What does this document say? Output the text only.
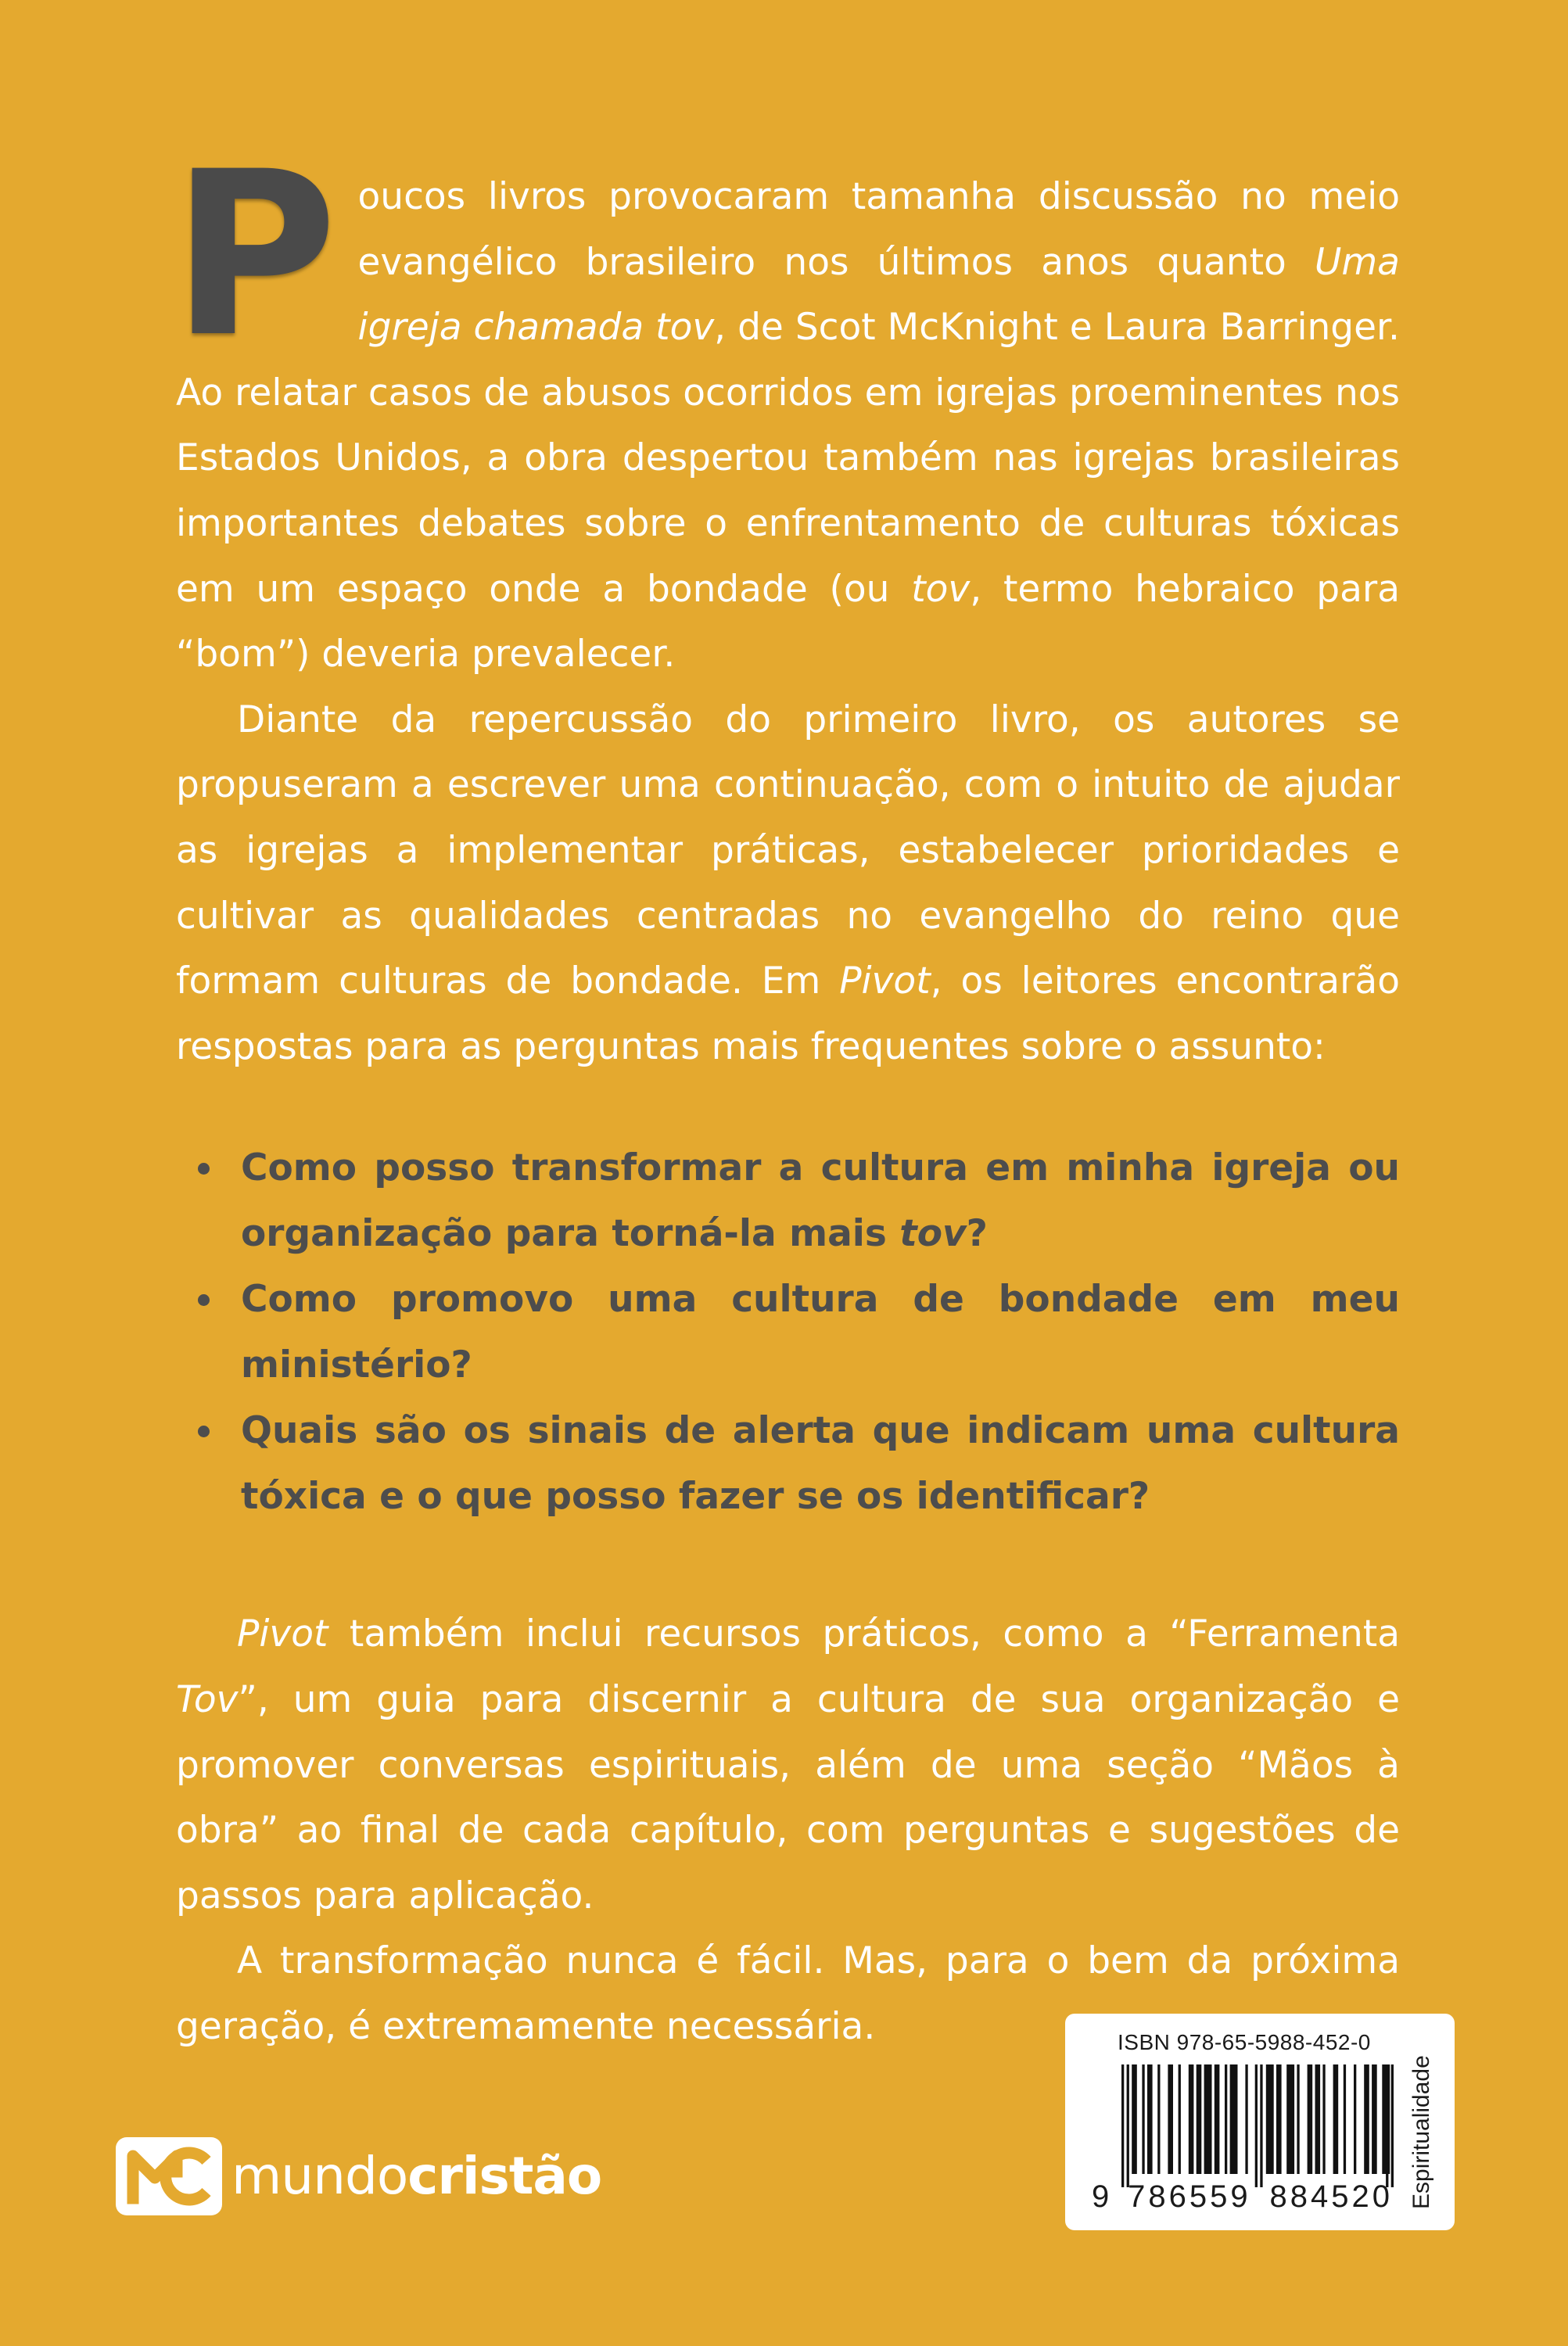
Poucos livros provocaram tamanha discussão no meio evangélico brasileiro nos últimos anos quanto Uma igreja chamada tov, de Scot McKnight e Laura Barringer. Ao relatar casos de abusos ocorridos em igrejas proeminentes nos Estados Unidos, a obra despertou também nas igrejas brasileiras importantes debates sobre o enfrentamento de culturas tóxicas em um espaço onde a bondade (ou tov, termo hebraico para “bom”) deveria prevalecer.

Diante da repercussão do primeiro livro, os autores se propuseram a escrever uma continuação, com o intuito de ajudar as igrejas a implementar práticas, estabelecer prioridades e cultivar as qualidades centradas no evangelho do reino que formam culturas de bondade. Em Pivot, os leitores encontrarão respostas para as perguntas mais frequentes sobre o assunto:

Como posso transformar a cultura em minha igreja ou organização para torná-la mais tov?
Como promovo uma cultura de bondade em meu ministério?
Quais são os sinais de alerta que indicam uma cultura tóxica e o que posso fazer se os identificar?

Pivot também inclui recursos práticos, como a “Ferramenta Tov”, um guia para discernir a cultura de sua organização e promover conversas espirituais, além de uma seção “Mãos à obra” ao final de cada capítulo, com perguntas e sugestões de passos para aplicação.

A transformação nunca é fácil. Mas, para o bem da próxima geração, é extremamente necessária.

mundocristão
ISBN 978-65-5988-452-0
9 786559 884520 Espiritualidade
